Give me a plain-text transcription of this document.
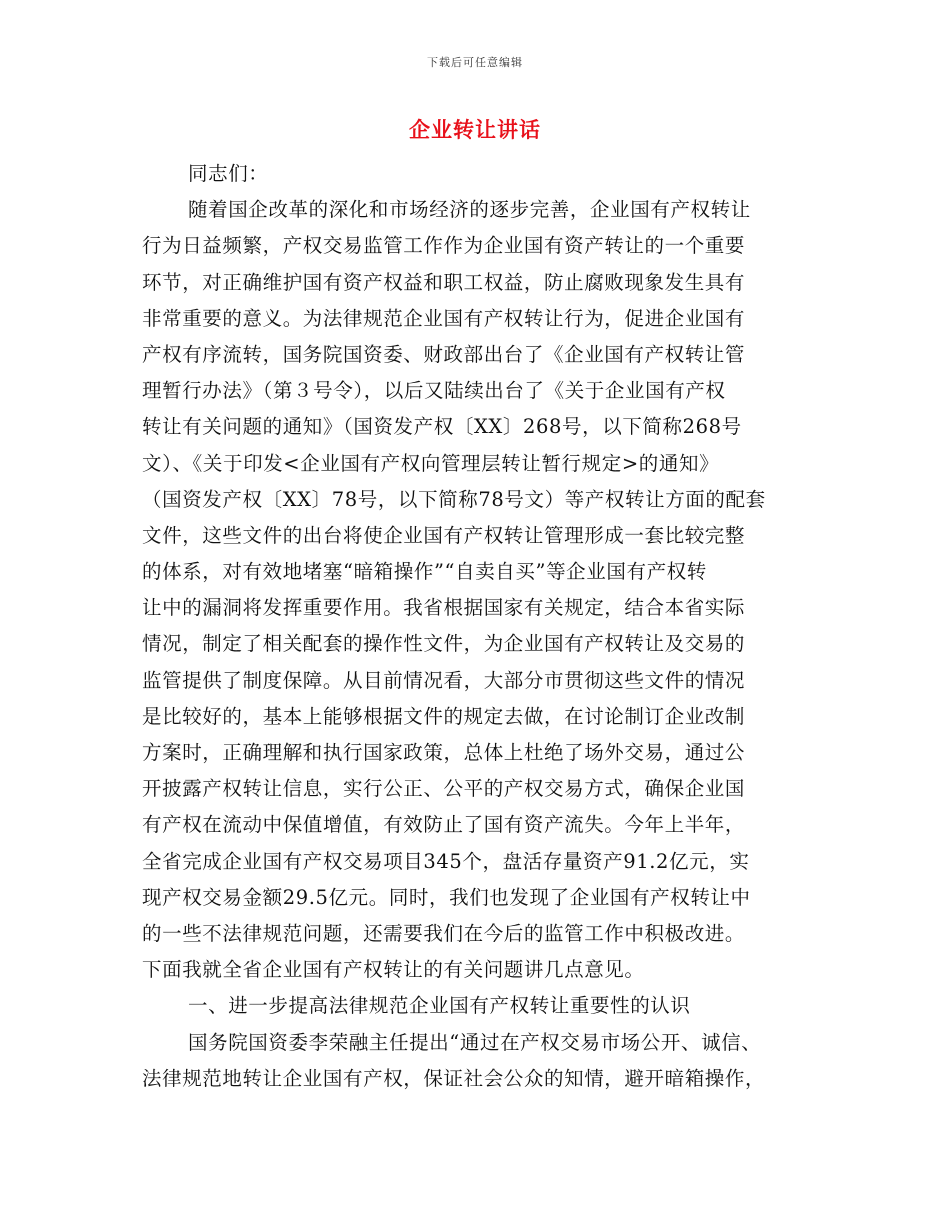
下载后可任意编辑
企业转让讲话
同志们：
随着国企改革的深化和市场经济的逐步完善，企业国有产权转让
行为日益频繁，产权交易监管工作作为企业国有资产转让的一个重要
环节，对正确维护国有资产权益和职工权益，防止腐败现象发生具有
非常重要的意义。为法律规范企业国有产权转让行为，促进企业国有
产权有序流转，国务院国资委、财政部出台了《企业国有产权转让管
理暂行办法》（第３号令），以后又陆续出台了《关于企业国有产权
转让有关问题的通知》（国资发产权〔XX〕268号，以下简称268号
文）、《关于印发<企业国有产权向管理层转让暂行规定>的通知》
（国资发产权〔XX〕78号，以下简称78号文）等产权转让方面的配套
文件，这些文件的出台将使企业国有产权转让管理形成一套比较完整
的体系，对有效地堵塞“暗箱操作”“自卖自买”等企业国有产权转
让中的漏洞将发挥重要作用。我省根据国家有关规定，结合本省实际
情况，制定了相关配套的操作性文件，为企业国有产权转让及交易的
监管提供了制度保障。从目前情况看，大部分市贯彻这些文件的情况
是比较好的，基本上能够根据文件的规定去做，在讨论制订企业改制
方案时，正确理解和执行国家政策，总体上杜绝了场外交易，通过公
开披露产权转让信息，实行公正、公平的产权交易方式，确保企业国
有产权在流动中保值增值，有效防止了国有资产流失。今年上半年，
全省完成企业国有产权交易项目345个，盘活存量资产91.2亿元，实
现产权交易金额29.5亿元。同时，我们也发现了企业国有产权转让中
的一些不法律规范问题，还需要我们在今后的监管工作中积极改进。
下面我就全省企业国有产权转让的有关问题讲几点意见。
一、进一步提高法律规范企业国有产权转让重要性的认识
国务院国资委李荣融主任提出“通过在产权交易市场公开、诚信、
法律规范地转让企业国有产权，保证社会公众的知情，避开暗箱操作，
